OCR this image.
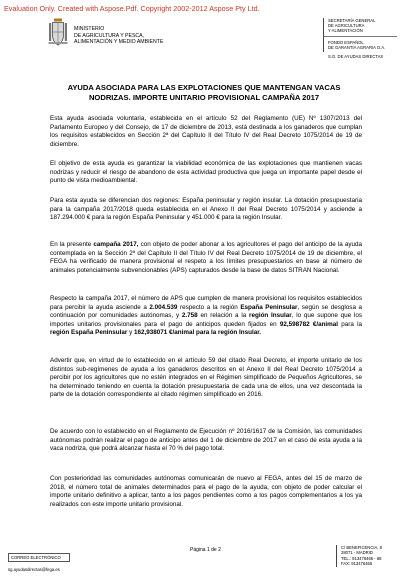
Evaluation Only. Created with Aspose.Pdf. Copyright 2002-2012 Aspose Pty Ltd.
MINISTERIO
DE AGRICULTURA Y PESCA,
ALIMENTACIÓN Y MEDIO AMBIENTE
SECRETARÍA GENERAL
DE AGRICULTURA
Y ALIMENTACIÓN
FONDO ESPAÑOL
DE GARANTÍA AGRARIA O.A.
S.G. DE AYUDAS DIRECTAS
AYUDA ASOCIADA PARA LAS EXPLOTACIONES QUE MANTENGAN VACAS NODRIZAS. IMPORTE UNITARIO PROVISIONAL CAMPAÑA 2017
Esta ayuda asociada voluntaria, establecida en el artículo 52 del Reglamento (UE) Nº 1307/2013 del Parlamento Europeo y del Consejo, de 17 de diciembre de 2013, está destinada a los ganaderos que cumplan los requisitos establecidos en Sección 2ª del Capítulo II del Título IV del Real Decreto 1075/2014 de 19 de diciembre.
El objetivo de esta ayuda es garantizar la viabilidad económica de las explotaciones que mantienen vacas nodrizas y reducir el riesgo de abandono de esta actividad productiva que juega un importante papel desde el punto de vista medioambiental.
Para esta ayuda se diferencian dos regiones: España peninsular y región insular. La dotación presupuestaria para la campaña 2017/2018 queda establecida en el Anexo II del Real Decreto 1075/2014 y asciende a 187.294.000 € para la región España Peninsular y 451.000 € para la región Insular.
En la presente campaña 2017, con objeto de poder abonar a los agricultores el pago del anticipo de la ayuda contemplada en la Sección 2ª del Capítulo II del Título IV del Real Decreto 1075/2014 de 19 de diciembre, el FEGA ha verificado de manera provisional el respeto a los límites presupuestarios en base al número de animales potencialmente subvencionables (APS) capturados desde la base de datos SITRAN Nacional.
Respecto la campaña 2017, el número de APS que cumplen de manera provisional los requisitos establecidos para percibir la ayuda asciende a 2.004.539 respecto a la región España Peninsular, según se desglosa a continuación por comunidades autónomas, y 2.758 en relación a la región Insular, lo que supone que los importes unitarios provisionales para el pago de anticipos queden fijados en 92,598782 €/animal para la región España Peninsular y 162,938071 €/animal para la región Insular.
Advertir que, en virtud de lo establecido en el artículo 59 del citado Real Decreto, el importe unitario de los distintos sub-regímenes de ayuda a los ganaderos descritos en el Anexo II del Real Decreto 1075/2014 a percibir por los agricultores que no estén integrados en el Régimen simplificado de Pequeños Agricultores, se ha determinado teniendo en cuenta la dotación presupuestaria de cada una de ellos, una vez descontada la parte de la dotación correspondiente al citado régimen simplificado en 2016.
De acuerdo con lo establecido en el Reglamento de Ejecución nº 2016/1617 de la Comisión, las comunidades autónomas podrán realizar el pago de anticipo antes del 1 de diciembre de 2017 en el caso de esta ayuda a la vaca nodriza, que podrá alcanzar hasta el 70 % del pago total.
Con posterioridad las comunidades autónomas comunicarán de nuevo al FEGA, antes del 15 de marzo de 2018, el número total de animales determinados para el pago de la ayuda, con objeto de poder calcular el importe unitario definitivo a aplicar, tanto a los pagos pendientes como a los pagos complementarios a los ya realizados con este importe unitario provisional.
CORREO ELECTRÓNICO
sg.ayudasdirectas@fega.es
Página 1 de 2	C/ BENEFICENCIA, 8
28071 - MADRID
TEL.: 913476466 - 68
FAX: 913476465
